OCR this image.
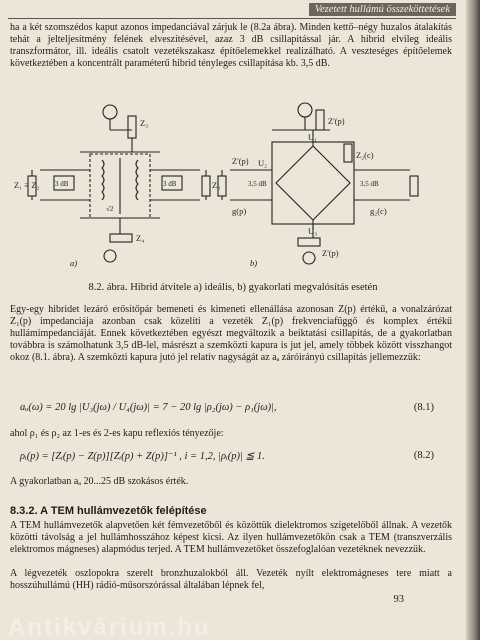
Vezetett hullámú összeköttetések

ha a két szomszédos kaput azonos impedanciával zárjuk le (8.2a ábra). Minden kettő–négy huzalos átalakítás tehát a jelteljesítmény felének elveszítésével, azaz 3 dB csillapítással jár. A hibrid elvileg ideális transzformátor, ill. ideális csatolt vezetékszakasz építőelemekkel realizálható. A veszteséges építőelemek következtében a koncentrált paraméterű hibrid tényleges csillapítása kb. 3,5 dB.

Z₁ ≡ Z₂
Z₃
Z₃
Z₄
3 dB	3 dB
√2
a)
Z'(p)
Z'(p)
Z₂(c)
Z'(p)
U₁
U₃
U₂
g(p)	g₂(c)
3,5 dB	3,5 dB
b)
8.2. ábra. Hibrid átvitele a) ideális, b) gyakorlati megvalósítás esetén

Egy-egy hibridet lezáró erősítőpár bemeneti és kimeneti ellenállása azonosan Z(p) értékű, a vonalzárózat Z₁(p) impedanciája azonban csak közelíti a vezeték Z₁(p) frekvenciafüggő és komplex értékű hullámimpedanciáját. Ennek következtében egyészt megváltozik a beiktatási csillapítás, de a gyakorlatban továbbra is számolhatunk 3,5 dB-lel, másrészt a szemközti kapura is jut jel, amely többek között visszhangot okoz (8.1. ábra). A szemközti kapura jutó jel relatív nagyságát az aₐ záróirányú csillapítás jellemezzük:

aᵤ(ω) = 20 lg |U₃(jω) / U₄(jω)| = 7 − 20 lg |ρ₂(jω) − ρ₁(jω)|,	(8.1)

ahol ρ₁ és ρ₂ az 1-es és 2-es kapu reflexiós tényezője:

ρᵢ(p) = [Zᵢ(p) − Z(p)][Zᵢ(p) + Z(p)]⁻¹ , i = 1,2, |ρᵢ(p)| ≦ 1.	(8.2)

A gyakorlatban aₐ 20...25 dB szokásos érték.

8.3.2. A TEM hullámvezetők felépítése

A TEM hullámvezetők alapvetően két fémvezetőből és közöttük dielektromos szigetelőből állnak. A vezetők közötti távolság a jel hullámhosszához képest kicsi. Az ilyen hullámvezetőkön csak a TEM (transzverzális elektromos mágneses) alapmódus terjed. A TEM hullámvezetőket összefoglalóan vezetéknek nevezzük.

A légvezeték oszlopokra szerelt bronzhuzalokból áll. Vezeték nyílt elektromágneses tere miatt a hosszúhullámú (HH) rádió-műsorszórással általában lépnek fel,

93
Antikvárium.hu
